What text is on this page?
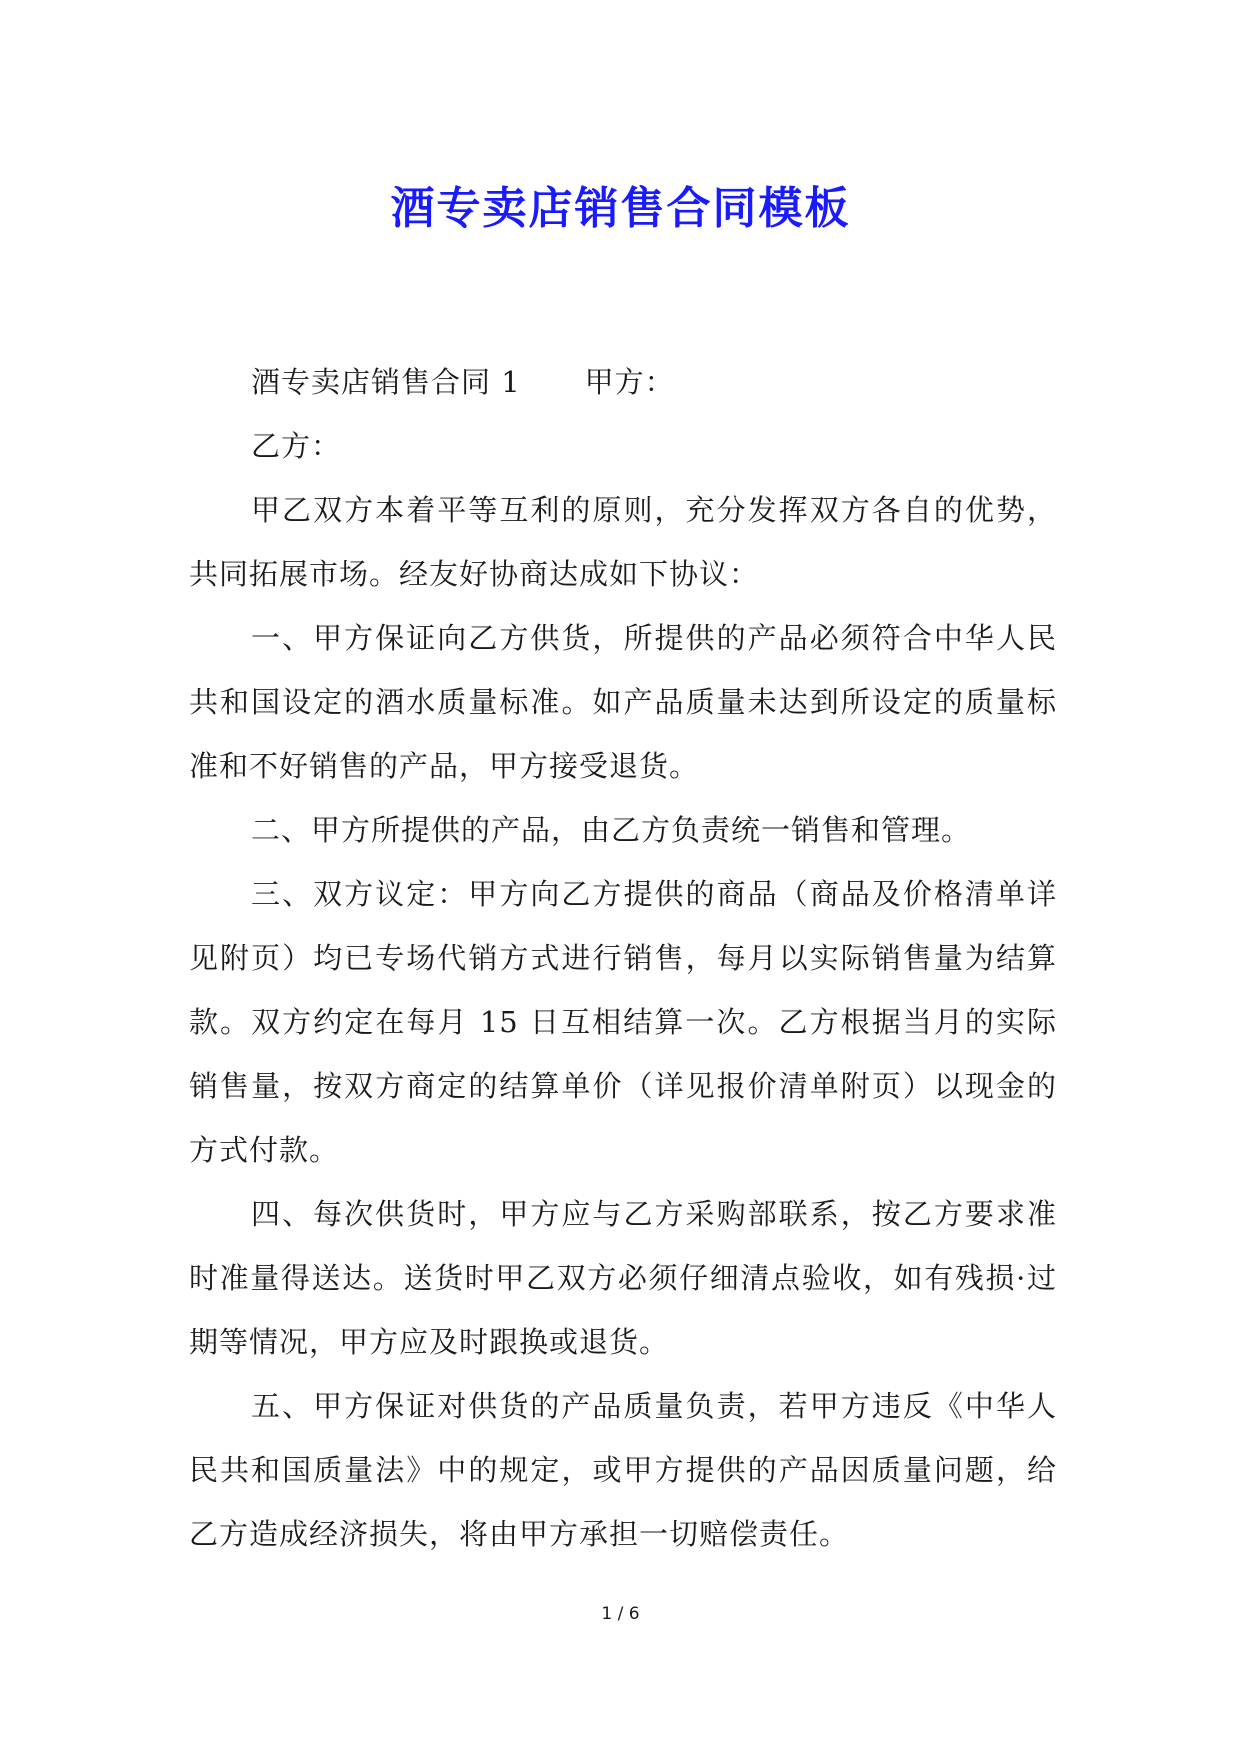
酒专卖店销售合同模板

酒专卖店销售合同 1 甲方：

乙方：

甲乙双方本着平等互利的原则，充分发挥双方各自的优势，共同拓展市场。经友好协商达成如下协议：

一、甲方保证向乙方供货，所提供的产品必须符合中华人民共和国设定的酒水质量标准。如产品质量未达到所设定的质量标准和不好销售的产品，甲方接受退货。

二、甲方所提供的产品，由乙方负责统一销售和管理。

三、双方议定：甲方向乙方提供的商品（商品及价格清单详见附页）均已专场代销方式进行销售，每月以实际销售量为结算款。双方约定在每月 15 日互相结算一次。乙方根据当月的实际销售量，按双方商定的结算单价（详见报价清单附页）以现金的方式付款。

四、每次供货时，甲方应与乙方采购部联系，按乙方要求准时准量得送达。送货时甲乙双方必须仔细清点验收，如有残损·过期等情况，甲方应及时跟换或退货。

五、甲方保证对供货的产品质量负责，若甲方违反《中华人民共和国质量法》中的规定，或甲方提供的产品因质量问题，给乙方造成经济损失，将由甲方承担一切赔偿责任。

1 / 6
